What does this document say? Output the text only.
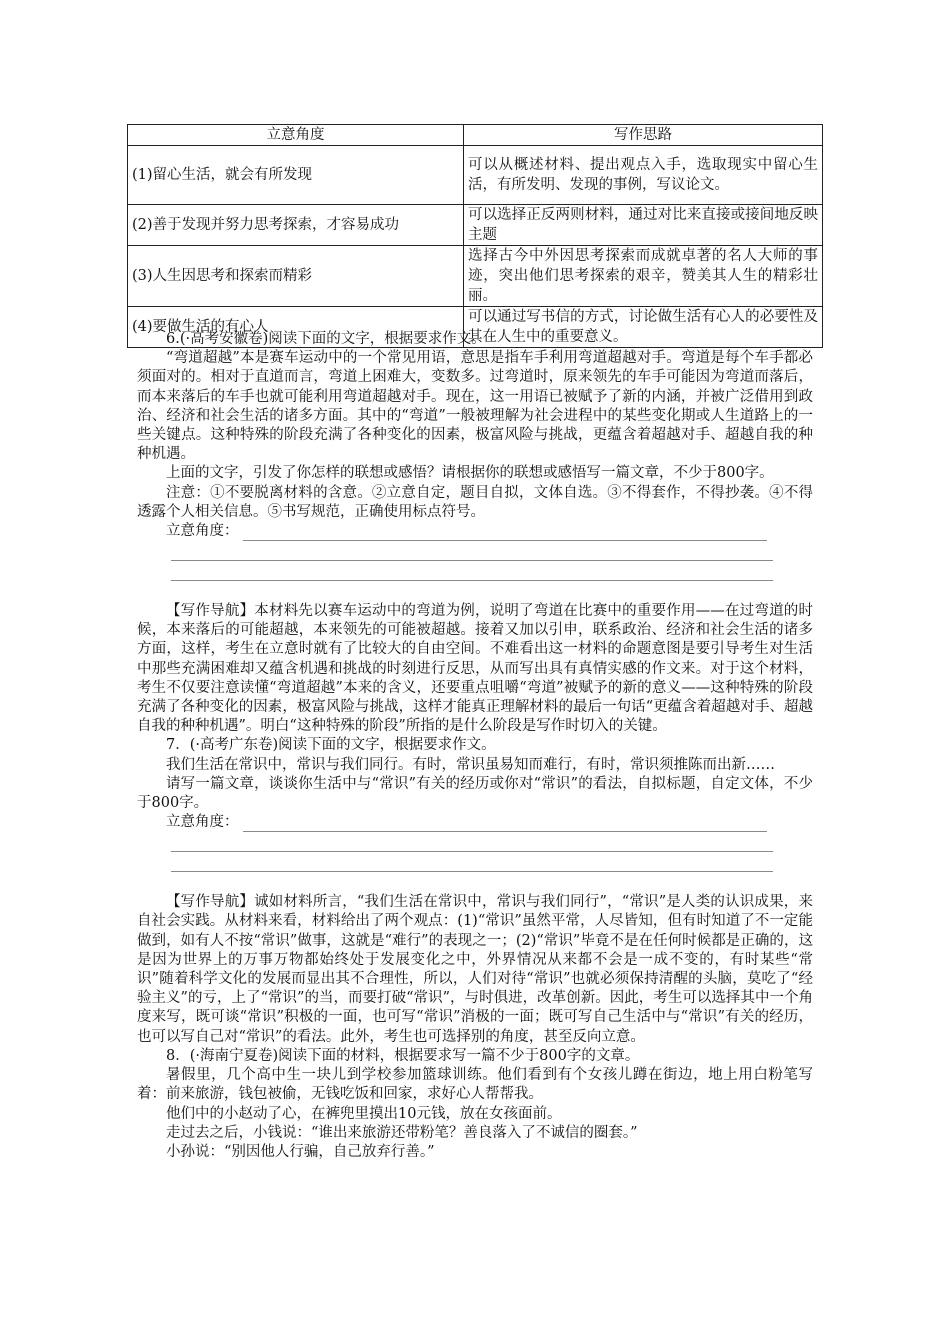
立意角度	写作思路
(1)留心生活，就会有所发现	可以从概述材料、提出观点入手，选取现实中留心生活，有所发明、发现的事例，写议论文。
(2)善于发现并努力思考探索，才容易成功	可以选择正反两则材料，通过对比来直接或接间地反映主题
(3)人生因思考和探索而精彩	选择古今中外因思考探索而成就卓著的名人大师的事迹，突出他们思考探索的艰辛，赞美其人生的精彩壮丽。
(4)要做生活的有心人	可以通过写书信的方式，讨论做生活有心人的必要性及其在人生中的重要意义。

6.(·高考安徽卷)阅读下面的文字，根据要求作文。

“弯道超越”本是赛车运动中的一个常见用语，意思是指车手利用弯道超越对手。弯道是每个车手都必须面对的。相对于直道而言，弯道上困难大，变数多。过弯道时，原来领先的车手可能因为弯道而落后，而本来落后的车手也就可能利用弯道超越对手。现在，这一用语已被赋予了新的内涵，并被广泛借用到政治、经济和社会生活的诸多方面。其中的“弯道”一般被理解为社会进程中的某些变化期或人生道路上的一些关键点。这种特殊的阶段充满了各种变化的因素，极富风险与挑战，更蕴含着超越对手、超越自我的种种机遇。

上面的文字，引发了你怎样的联想或感悟？请根据你的联想或感悟写一篇文章，不少于800字。

注意：①不要脱离材料的含意。②立意自定，题目自拟，文体自选。③不得套作，不得抄袭。④不得透露个人相关信息。⑤书写规范，正确使用标点符号。

立意角度：

【写作导航】本材料先以赛车运动中的弯道为例，说明了弯道在比赛中的重要作用——在过弯道的时候，本来落后的可能超越，本来领先的可能被超越。接着又加以引申，联系政治、经济和社会生活的诸多方面，这样，考生在立意时就有了比较大的自由空间。不难看出这一材料的命题意图是要引导考生对生活中那些充满困难却又蕴含机遇和挑战的时刻进行反思，从而写出具有真情实感的作文来。对于这个材料，考生不仅要注意读懂“弯道超越”本来的含义，还要重点咀嚼“弯道”被赋予的新的意义——这种特殊的阶段充满了各种变化的因素，极富风险与挑战，这样才能真正理解材料的最后一句话“更蕴含着超越对手、超越自我的种种机遇”。明白“这种特殊的阶段”所指的是什么阶段是写作时切入的关键。

7．(·高考广东卷)阅读下面的文字，根据要求作文。

我们生活在常识中，常识与我们同行。有时，常识虽易知而难行，有时，常识须推陈而出新……

请写一篇文章，谈谈你生活中与“常识”有关的经历或你对“常识”的看法，自拟标题，自定文体，不少于800字。

立意角度：

【写作导航】诚如材料所言，“我们生活在常识中，常识与我们同行”，“常识”是人类的认识成果，来自社会实践。从材料来看，材料给出了两个观点：(1)“常识”虽然平常，人尽皆知，但有时知道了不一定能做到，如有人不按“常识”做事，这就是“难行”的表现之一；(2)“常识”毕竟不是在任何时候都是正确的，这是因为世界上的万事万物都始终处于发展变化之中，外界情况从来都不会是一成不变的，有时某些“常识”随着科学文化的发展而显出其不合理性，所以，人们对待“常识”也就必须保持清醒的头脑，莫吃了“经验主义”的亏，上了“常识”的当，而要打破“常识”，与时俱进，改革创新。因此，考生可以选择其中一个角度来写，既可谈“常识”积极的一面，也可写“常识”消极的一面；既可写自己生活中与“常识”有关的经历，也可以写自己对“常识”的看法。此外，考生也可选择别的角度，甚至反向立意。

8．(·海南宁夏卷)阅读下面的材料，根据要求写一篇不少于800字的文章。

暑假里，几个高中生一块儿到学校参加篮球训练。他们看到有个女孩儿蹲在街边，地上用白粉笔写着：前来旅游，钱包被偷，无钱吃饭和回家，求好心人帮帮我。

他们中的小赵动了心，在裤兜里摸出10元钱，放在女孩面前。

走过去之后，小钱说：“谁出来旅游还带粉笔？善良落入了不诚信的圈套。”

小孙说：“别因他人行骗，自己放弃行善。”
